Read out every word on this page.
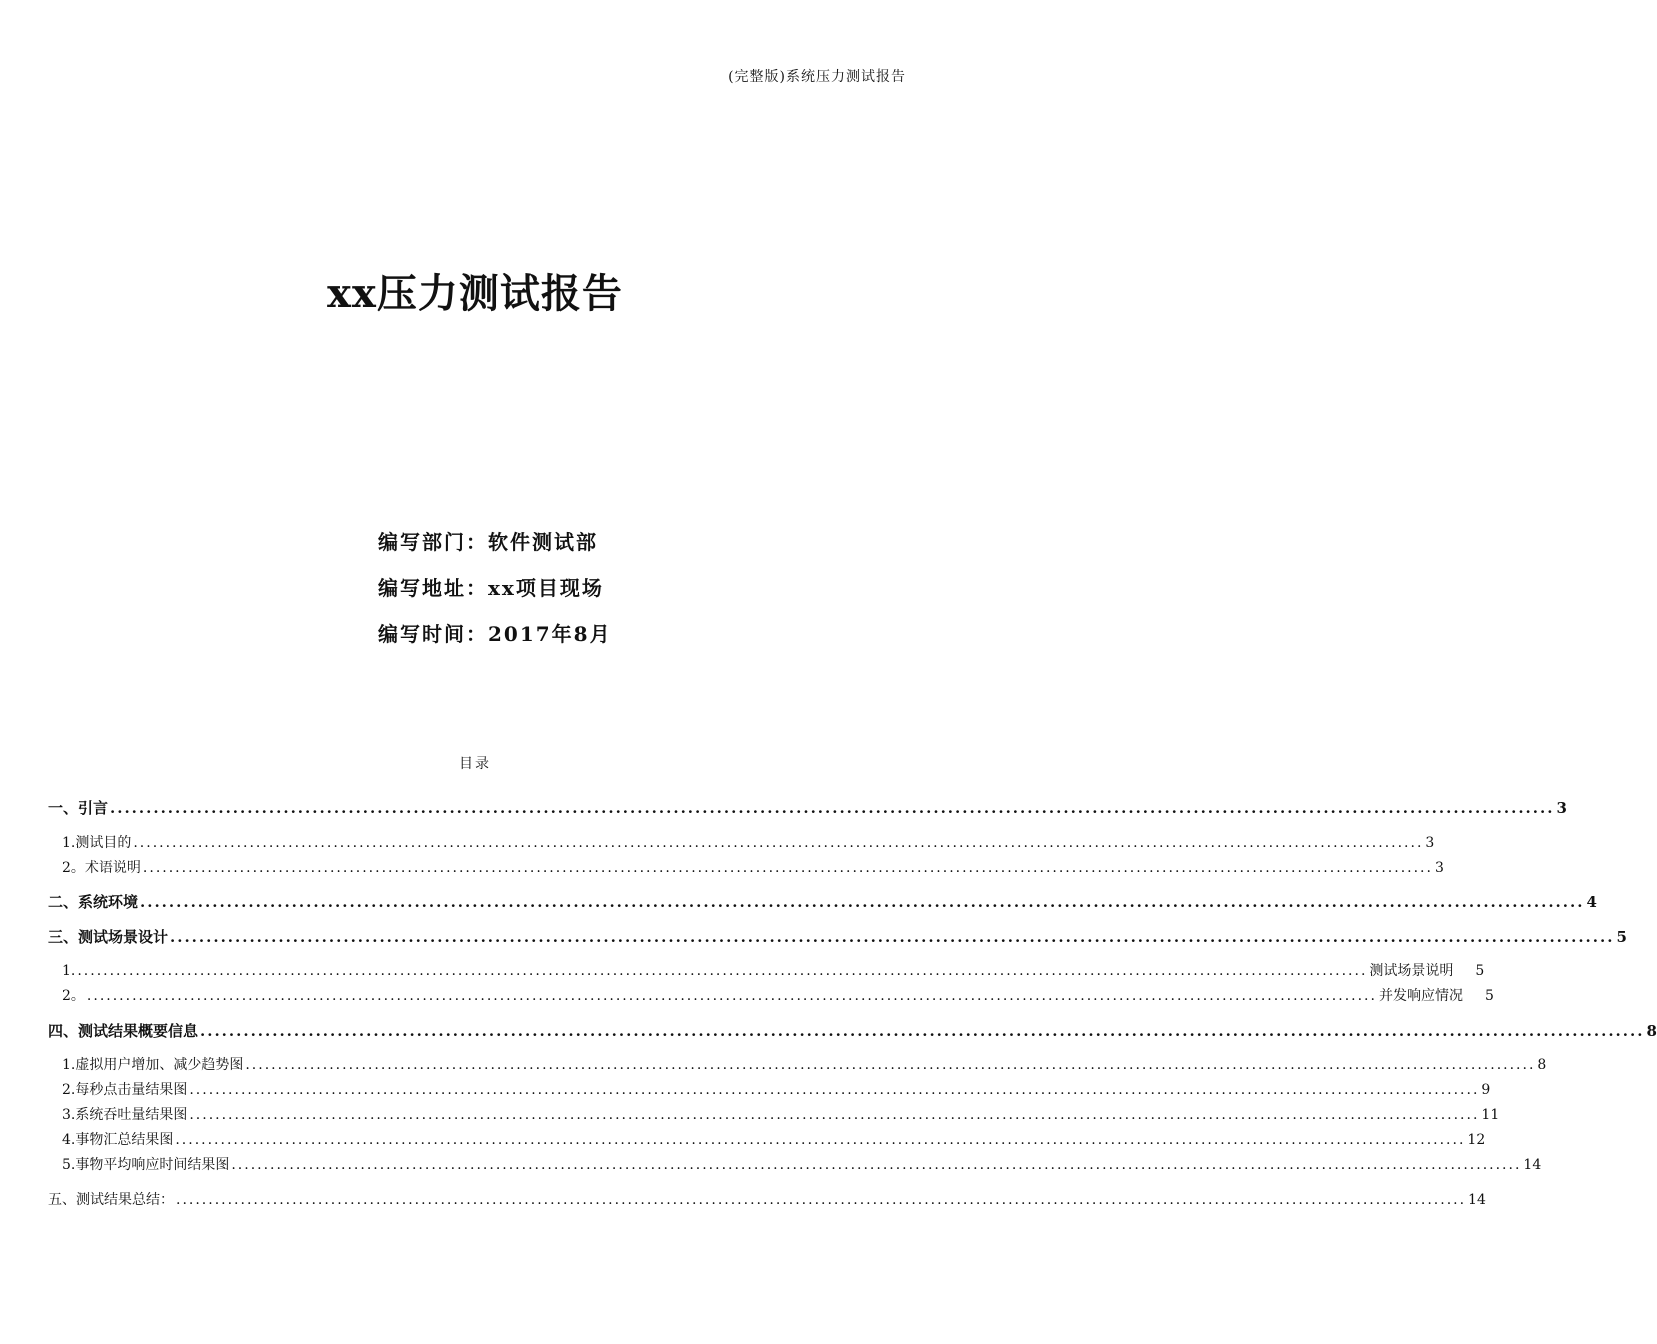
(完整版)系统压力测试报告
xx压力测试报告
编写部门：软件测试部
编写地址：xx项目现场
编写时间：2017年8月
目录
一、引言 ........................................................................................................................................................................................................ 3
1.测试目的 ........................................................................................................................................................................................................ 3
2。术语说明 ........................................................................................................................................................................................................ 3
二、系统环境 ........................................................................................................................................................................................................ 4
三、测试场景设计 ........................................................................................................................................................................................................ 5
1. ........................................................................................................................................................................................................ 测试场景说明 5
2。 ........................................................................................................................................................................................................ 并发响应情况 5
四、测试结果概要信息 ........................................................................................................................................................................................................ 8
1. 虚拟用户增加、减少趋势图 ........................................................................................................................................................................................................ 8
2. 每秒点击量结果图 ........................................................................................................................................................................................................ 9
3. 系统吞吐量结果图 ........................................................................................................................................................................................................ 11
4. 事物汇总结果图 ........................................................................................................................................................................................................ 12
5. 事物平均响应时间结果图 ........................................................................................................................................................................................................ 14
五、测试结果总结： ........................................................................................................................................................................................................ 14
